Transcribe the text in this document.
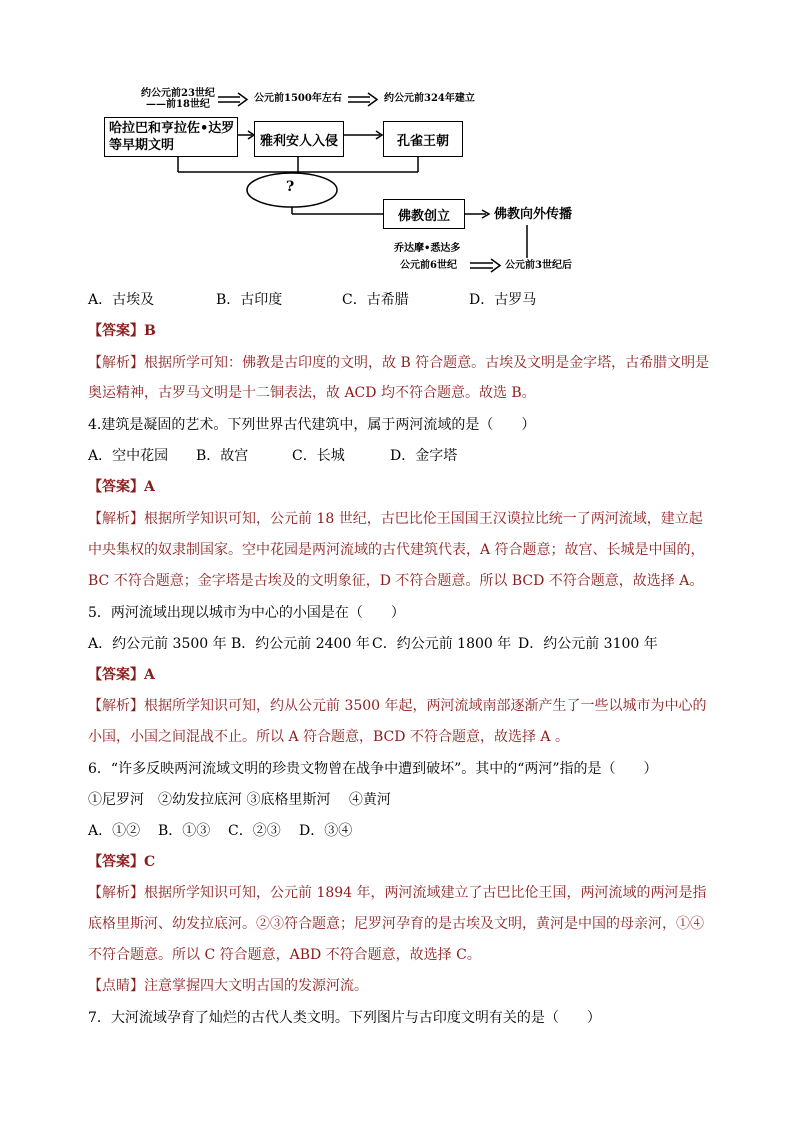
约公元前23世纪
——前18世纪
公元前1500年左右	约公元前324年建立
哈拉巴和亨拉佐•达罗
等早期文明	雅利安人入侵	孔雀王朝
?
佛教创立	佛教向外传播
乔达摩•悉达多
公元前6世纪	公元前3世纪后
A．古埃及	B．古印度	C．古希腊	D．古罗马
【答案】B
【解析】根据所学可知：佛教是古印度的文明，故 B 符合题意。古埃及文明是金字塔，古希腊文明是
奥运精神，古罗马文明是十二铜表法，故 ACD 均不符合题意。故选 B。
4.建筑是凝固的艺术。下列世界古代建筑中，属于两河流域的是（　　）
A．空中花园 B．故宫	C．长城	D．金字塔
【答案】A
【解析】根据所学知识可知，公元前 18 世纪，古巴比伦王国国王汉谟拉比统一了两河流域，建立起
中央集权的奴隶制国家。空中花园是两河流域的古代建筑代表，A 符合题意；故宫、长城是中国的，
BC 不符合题意；金字塔是古埃及的文明象征，D 不符合题意。所以 BCD 不符合题意，故选择 A。
5．两河流域出现以城市为中心的小国是在（　　）
A．约公元前 3500 年 B．约公元前 2400 年 C．约公元前 1800 年 D．约公元前 3100 年
【答案】A
【解析】根据所学知识可知，约从公元前 3500 年起，两河流域南部逐渐产生了一些以城市为中心的
小国，小国之间混战不止。所以 A 符合题意，BCD 不符合题意，故选择 A 。
6．“许多反映两河流域文明的珍贵文物曾在战争中遭到破坏”。其中的“两河”指的是（　　）
①尼罗河　②幼发拉底河 ③底格里斯河　 ④黄河
A．①② B．①③ C．②③ D．③④
【答案】C
【解析】根据所学知识可知，公元前 1894 年，两河流域建立了古巴比伦王国，两河流域的两河是指
底格里斯河、幼发拉底河。②③符合题意；尼罗河孕育的是古埃及文明，黄河是中国的母亲河，①④
不符合题意。所以 C 符合题意，ABD 不符合题意，故选择 C。
【点睛】注意掌握四大文明古国的发源河流。
7．大河流域孕育了灿烂的古代人类文明。下列图片与古印度文明有关的是（　　）
